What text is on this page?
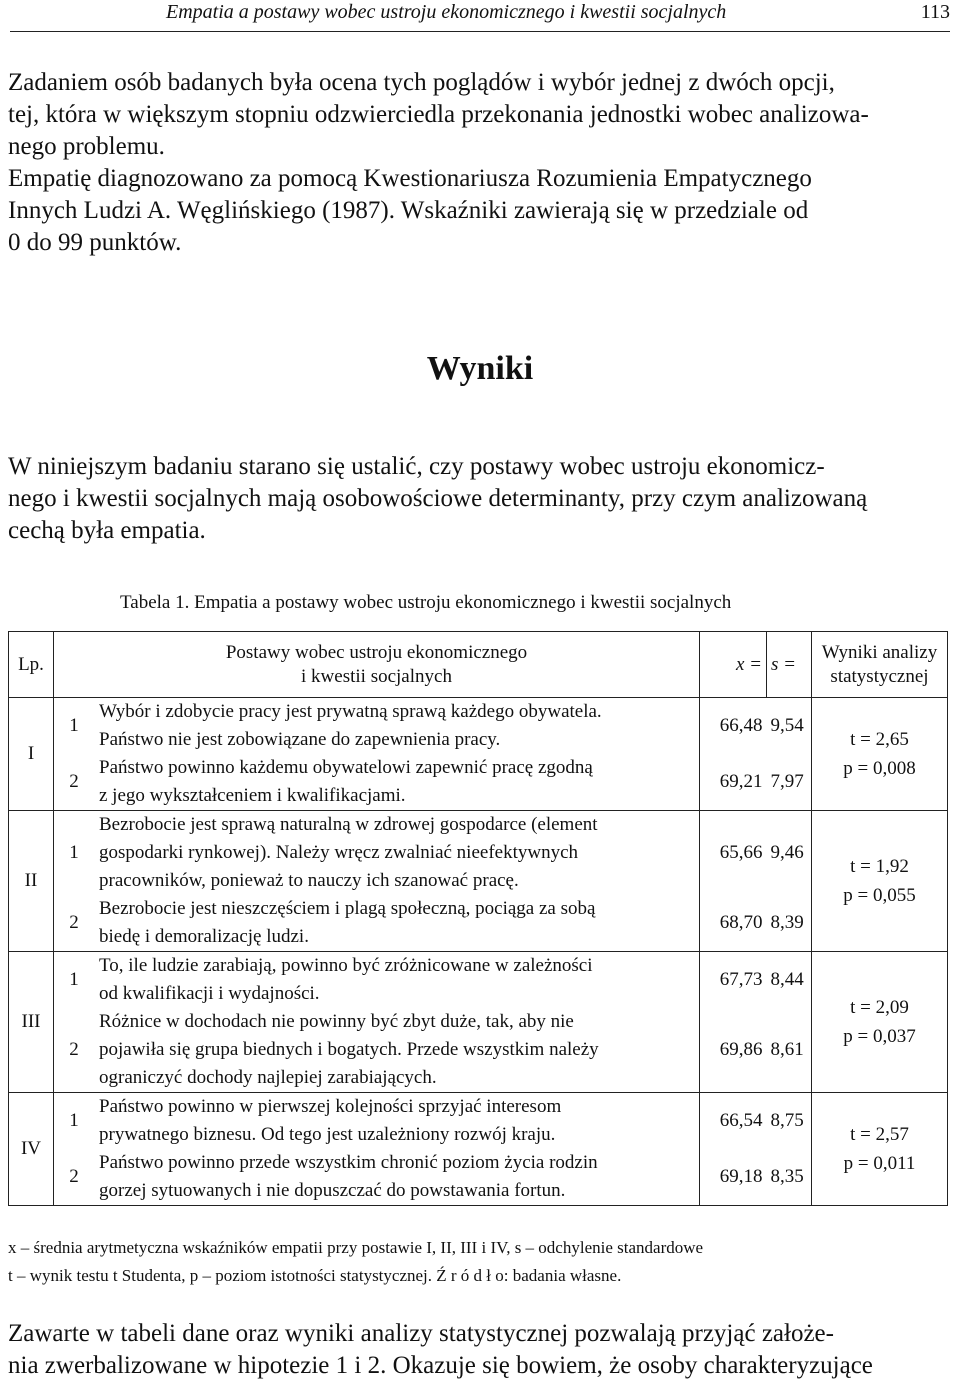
Empatia a postawy wobec ustroju ekonomicznego i kwestii socjalnych	113
Zadaniem osób badanych była ocena tych poglądów i wybór jednej z dwóch opcji,
tej, która w większym stopniu odzwierciedla przekonania jednostki wobec analizowa-
nego problemu.
Empatię diagnozowano za pomocą Kwestionariusza Rozumienia Empatycznego
Innych Ludzi A. Węglińskiego (1987). Wskaźniki zawierają się w przedziale od
0 do 99 punktów.
Wyniki
W niniejszym badaniu starano się ustalić, czy postawy wobec ustroju ekonomicz-
nego i kwestii socjalnych mają osobowościowe determinanty, przy czym analizowaną
cechą była empatia.
Tabela 1. Empatia a postawy wobec ustroju ekonomicznego i kwestii socjalnych
Lp.	Postawy wobec ustroju ekonomicznego
i kwestii socjalnych		x =	s =	Wyniki analizy
statystycznej

I	1	Wybór i zdobycie pracy jest prywatną sprawą każdego obywatela.
Państwo nie jest zobowiązane do zapewnienia pracy.	66,48	9,54	t = 2,65
p = 0,008

	2	Państwo powinno każdemu obywatelowi zapewnić pracę zgodną
z jego wykształceniem i kwalifikacjami.	69,21	7,97	
II	1	Bezrobocie jest sprawą naturalną w zdrowej gospodarce (element
gospodarki rynkowej). Należy wręcz zwalniać nieefektywnych
pracowników, ponieważ to nauczy ich szanować pracę.	65,66	9,46	t = 1,92
p = 0,055

	2	Bezrobocie jest nieszczęściem i plagą społeczną, pociąga za sobą
biedę i demoralizację ludzi.	68,70	8,39	
III	1	To, ile ludzie zarabiają, powinno być zróżnicowane w zależności
od kwalifikacji i wydajności.	67,73	8,44	t = 2,09
p = 0,037

	2	Różnice w dochodach nie powinny być zbyt duże, tak, aby nie
pojawiła się grupa biednych i bogatych. Przede wszystkim należy
ograniczyć dochody najlepiej zarabiających.	69,86	8,61	
IV	1	Państwo powinno w pierwszej kolejności sprzyjać interesom
prywatnego biznesu. Od tego jest uzależniony rozwój kraju.	66,54	8,75	t = 2,57
p = 0,011

	2	Państwo powinno przede wszystkim chronić poziom życia rodzin
gorzej sytuowanych i nie dopuszczać do powstawania fortun.	69,18	8,35	
x – średnia arytmetyczna wskaźników empatii przy postawie I, II, III i IV, s – odchylenie standardowe
t – wynik testu t Studenta, p – poziom istotności statystycznej. Ź r ó d ł o: badania własne.
Zawarte w tabeli dane oraz wyniki analizy statystycznej pozwalają przyjąć założe-
nia zwerbalizowane w hipotezie 1 i 2. Okazuje się bowiem, że osoby charakteryzujące
